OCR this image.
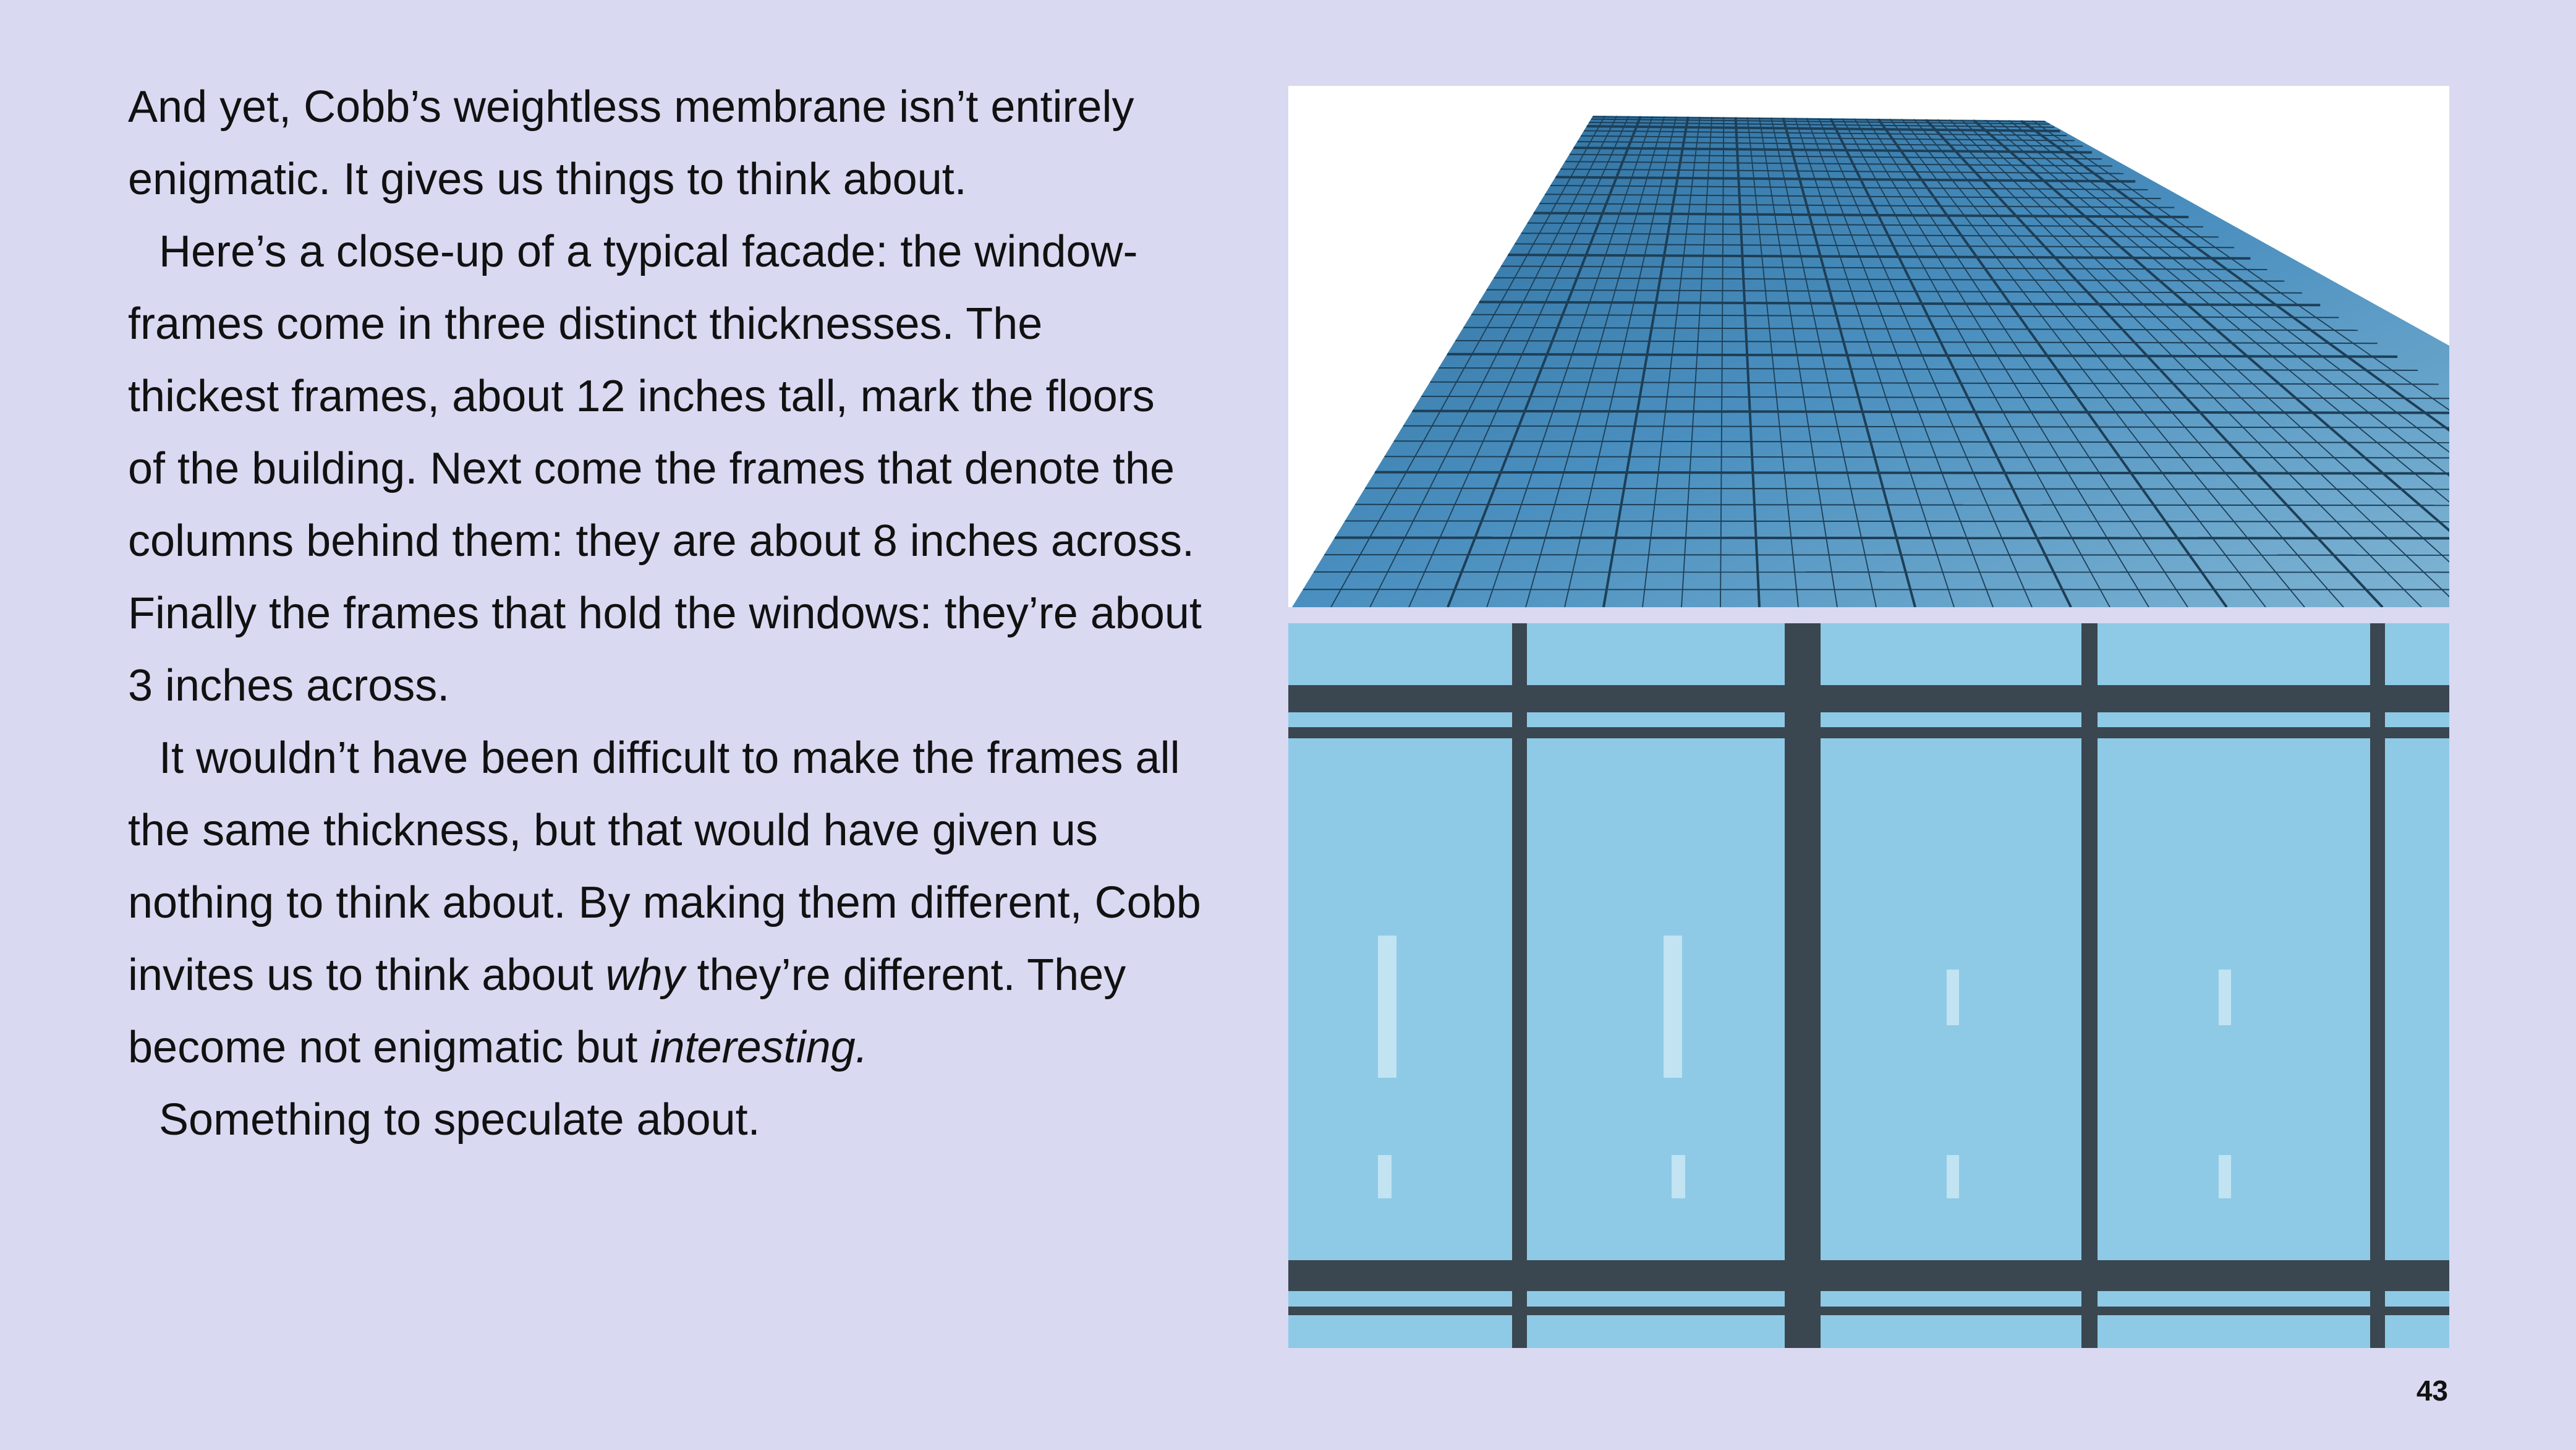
And yet, Cobb’s weightless membrane isn’t entirely enigmatic. It gives us things to think about.

Here’s a close-up of a typical facade: the window-frames come in three distinct thicknesses. The thickest frames, about 12 inches tall, mark the floors of the building. Next come the frames that denote the columns behind them: they are about 8 inches across. Finally the frames that hold the windows: they’re about 3 inches across.

It wouldn’t have been difficult to make the frames all the same thickness, but that would have given us nothing to think about. By making them different, Cobb invites us to think about why they’re different. They become not enigmatic but interesting.

Something to speculate about.

43
